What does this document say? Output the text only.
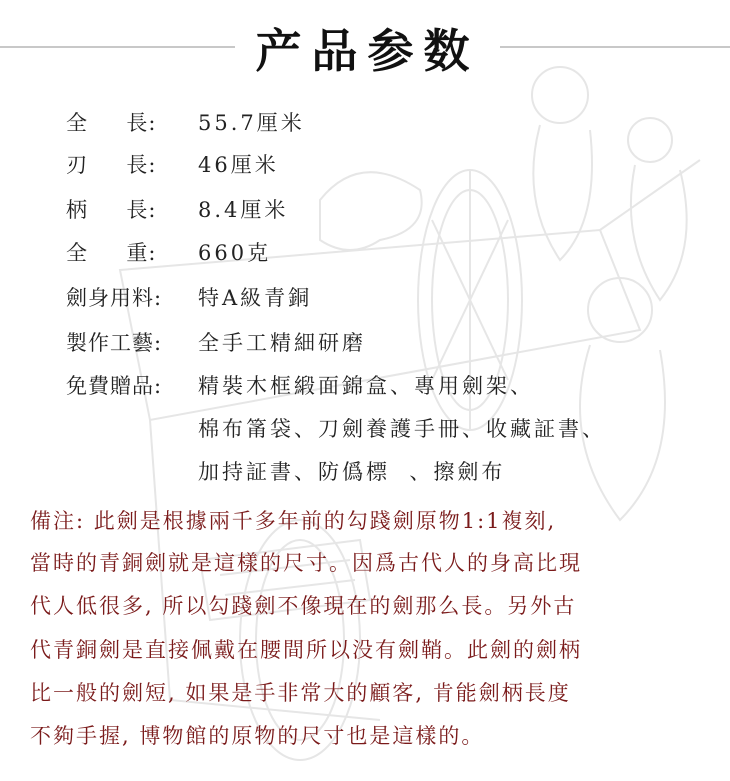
产品参数
全     長:	55.7厘米
刃     長:	46厘米
柄     長:	8.4厘米
全     重:	660克
劍身用料:	特A級青銅
製作工藝:	全手工精細研磨
免費贈品:	精裝木框緞面錦盒、專用劍架、
棉布筩袋、刀劍養護手冊、收藏証書、
加持証書、防僞標  、擦劍布
備注: 此劍是根據兩千多年前的勾踐劍原物1:1複刻,
當時的青銅劍就是這樣的尺寸。因爲古代人的身高比現
代人低很多, 所以勾踐劍不像現在的劍那么長。另外古
代青銅劍是直接佩戴在腰間所以没有劍鞘。此劍的劍柄
比一般的劍短, 如果是手非常大的顧客, 肯能劍柄長度
不夠手握, 博物館的原物的尺寸也是這樣的。
